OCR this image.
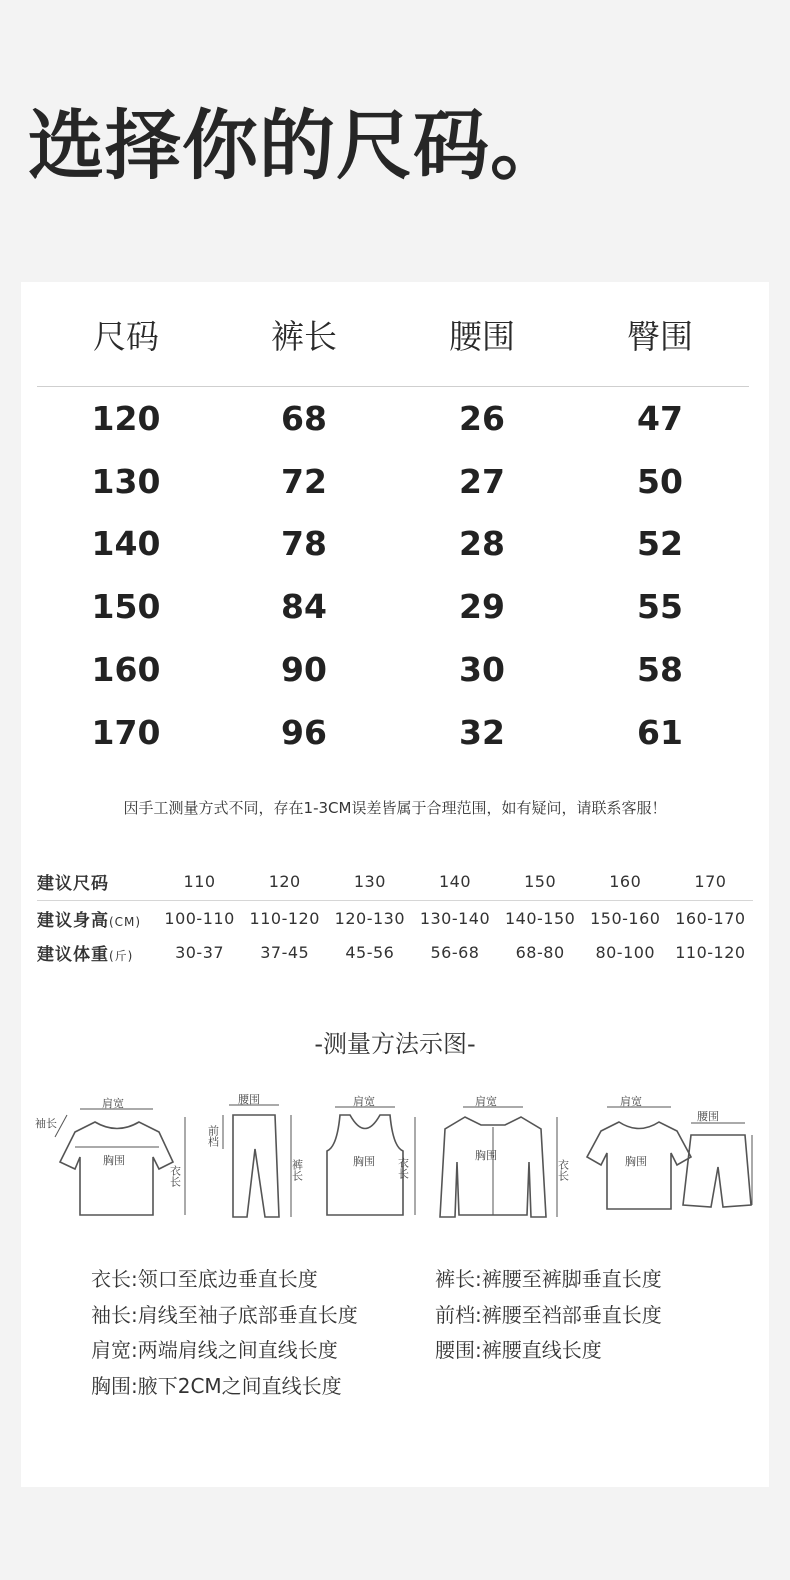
选择你的尺码。
尺码	裤长	腰围	臀围
120	68	26	47
130	72	27	50
140	78	28	52
150	84	29	55
160	90	30	58
170	96	32	61
因手工测量方式不同，存在1-3CM误差皆属于合理范围，如有疑问，请联系客服！
建议尺码	110	120	130	140	150	160	170
建议身高(CM)	100-110 110-120 120-130 130-140 140-150 150-160 160-170
建议体重(斤)	30-37	37-45	45-56	56-68	68-80	80-100	110-120
-测量方法示图-
肩宽
胸围
袖长
衣长
腰围
前档
裤长
肩宽
胸围 衣长
肩宽
胸围
衣长
肩宽
胸围
腰围
衣长:领口至底边垂直长度
袖长:肩线至袖子底部垂直长度
肩宽:两端肩线之间直线长度
胸围:腋下2CM之间直线长度
裤长:裤腰至裤脚垂直长度
前档:裤腰至裆部垂直长度
腰围:裤腰直线长度
